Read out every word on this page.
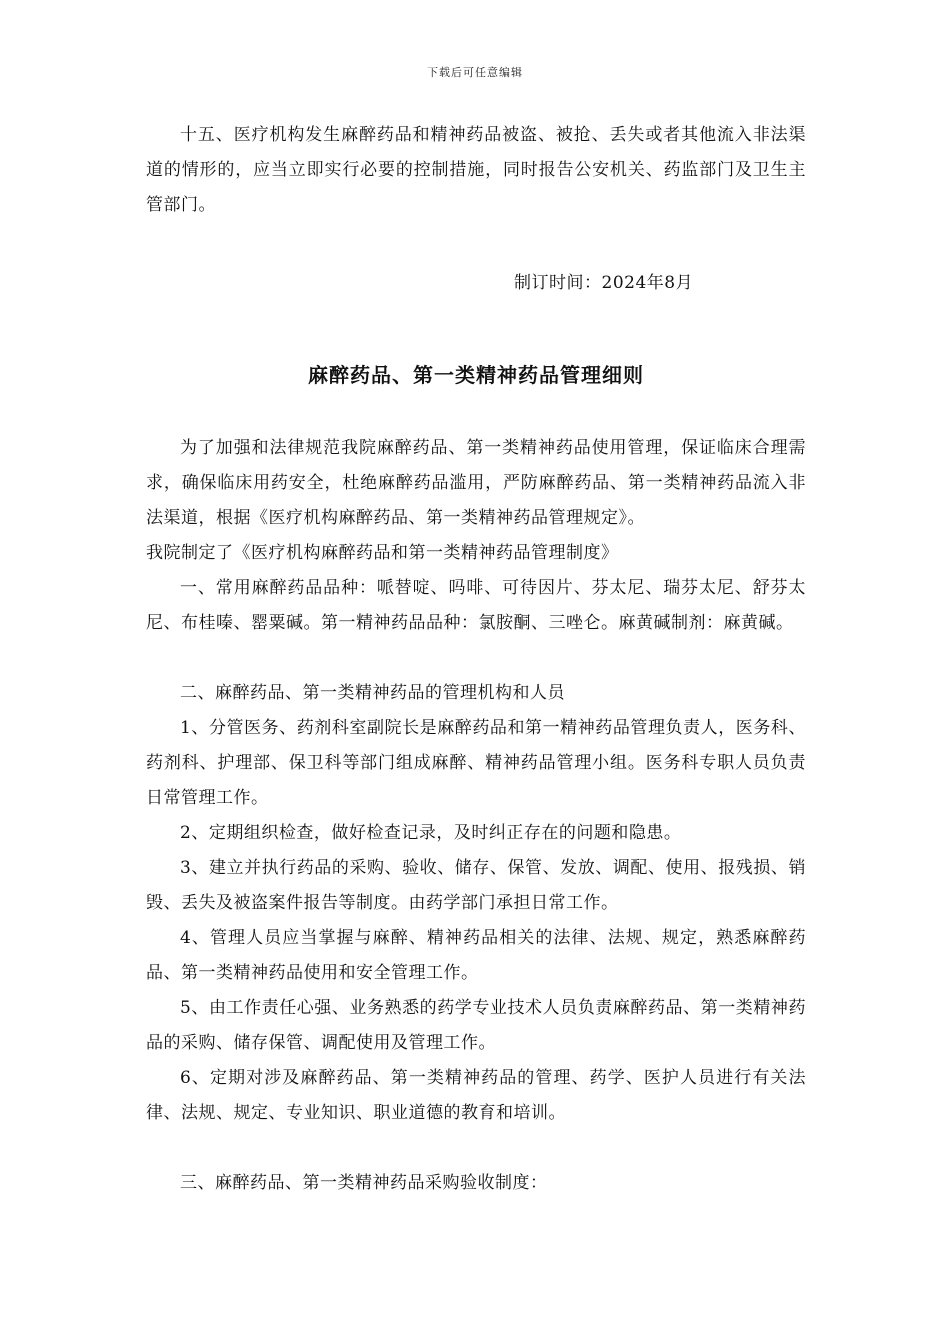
下载后可任意编辑

十五、医疗机构发生麻醉药品和精神药品被盗、被抢、丢失或者其他流入非法渠道的情形的，应当立即实行必要的控制措施，同时报告公安机关、药监部门及卫生主管部门。

制订时间：2024年8月

麻醉药品、第一类精神药品管理细则

为了加强和法律规范我院麻醉药品、第一类精神药品使用管理，保证临床合理需求，确保临床用药安全，杜绝麻醉药品滥用，严防麻醉药品、第一类精神药品流入非法渠道，根据《医疗机构麻醉药品、第一类精神药品管理规定》。

我院制定了《医疗机构麻醉药品和第一类精神药品管理制度》

一、常用麻醉药品品种：哌替啶、吗啡、可待因片、芬太尼、瑞芬太尼、舒芬太尼、布桂嗪、罂粟碱。第一精神药品品种：氯胺酮、三唑仑。麻黄碱制剂：麻黄碱。

二、麻醉药品、第一类精神药品的管理机构和人员

1、分管医务、药剂科室副院长是麻醉药品和第一精神药品管理负责人，医务科、药剂科、护理部、保卫科等部门组成麻醉、精神药品管理小组。医务科专职人员负责日常管理工作。

2、定期组织检查，做好检查记录，及时纠正存在的问题和隐患。

3、建立并执行药品的采购、验收、储存、保管、发放、调配、使用、报残损、销毁、丢失及被盗案件报告等制度。由药学部门承担日常工作。

4、管理人员应当掌握与麻醉、精神药品相关的法律、法规、规定，熟悉麻醉药品、第一类精神药品使用和安全管理工作。

5、由工作责任心强、业务熟悉的药学专业技术人员负责麻醉药品、第一类精神药品的采购、储存保管、调配使用及管理工作。

6、定期对涉及麻醉药品、第一类精神药品的管理、药学、医护人员进行有关法律、法规、规定、专业知识、职业道德的教育和培训。

三、麻醉药品、第一类精神药品采购验收制度：
